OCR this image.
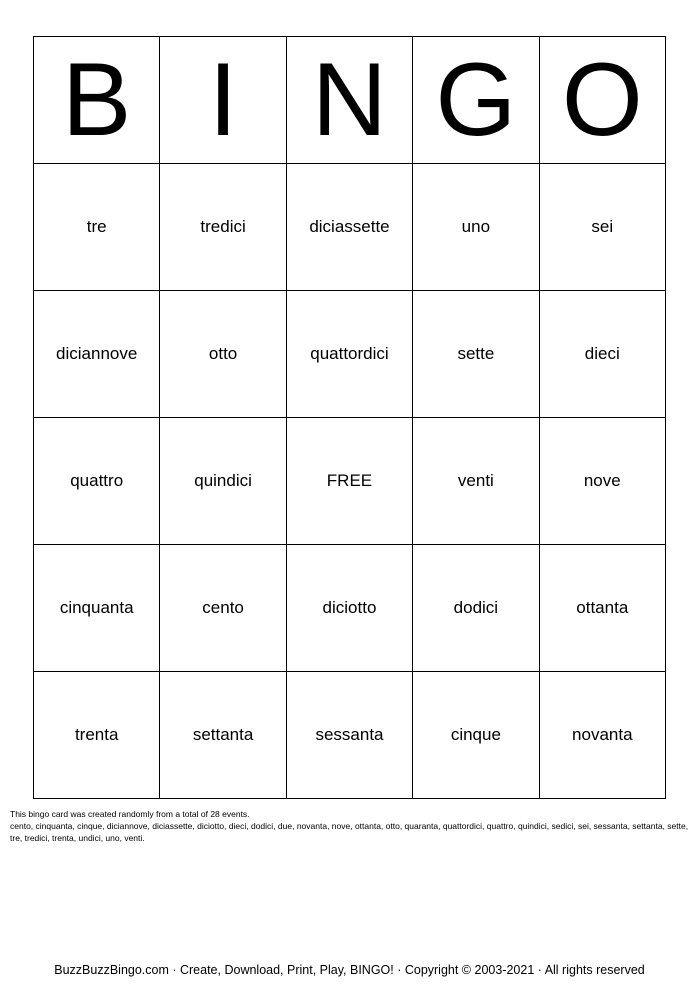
B	I	N	G	O
tre	tredici	diciassette	uno	sei
diciannove	otto	quattordici	sette	dieci
quattro	quindici	FREE	venti	nove
cinquanta	cento	diciotto	dodici	ottanta
trenta	settanta	sessanta	cinque	novanta

This bingo card was created randomly from a total of 28 events.

cento, cinquanta, cinque, diciannove, diciassette, diciotto, dieci, dodici, due, novanta, nove, ottanta, otto, quaranta, quattordici, quattro, quindici, sedici, sei, sessanta, settanta, sette, tre, tredici, trenta, undici, uno, venti.

BuzzBuzzBingo.com · Create, Download, Print, Play, BINGO! · Copyright © 2003-2021 · All rights reserved
